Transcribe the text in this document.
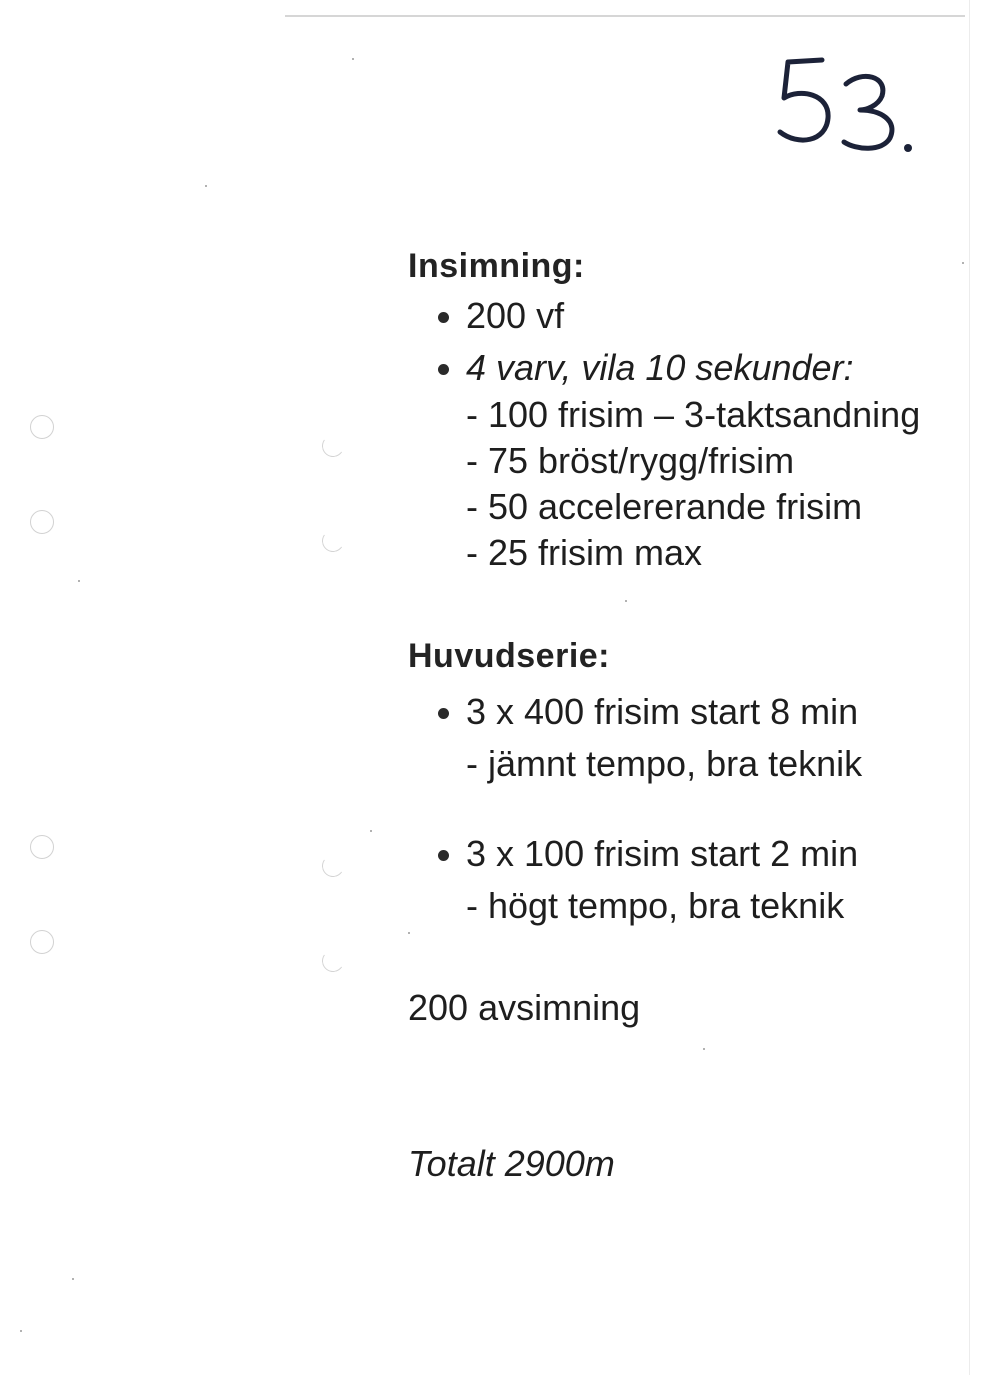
Insimning:
200 vf
4 varv, vila 10 sekunder:
- 100 frisim – 3-taktsandning
- 75 bröst/rygg/frisim
- 50 accelererande frisim
- 25 frisim max
Huvudserie:
3 x 400 frisim start 8 min
- jämnt tempo, bra teknik
3 x 100 frisim start 2 min
- högt tempo, bra teknik
200 avsimning
Totalt 2900m
